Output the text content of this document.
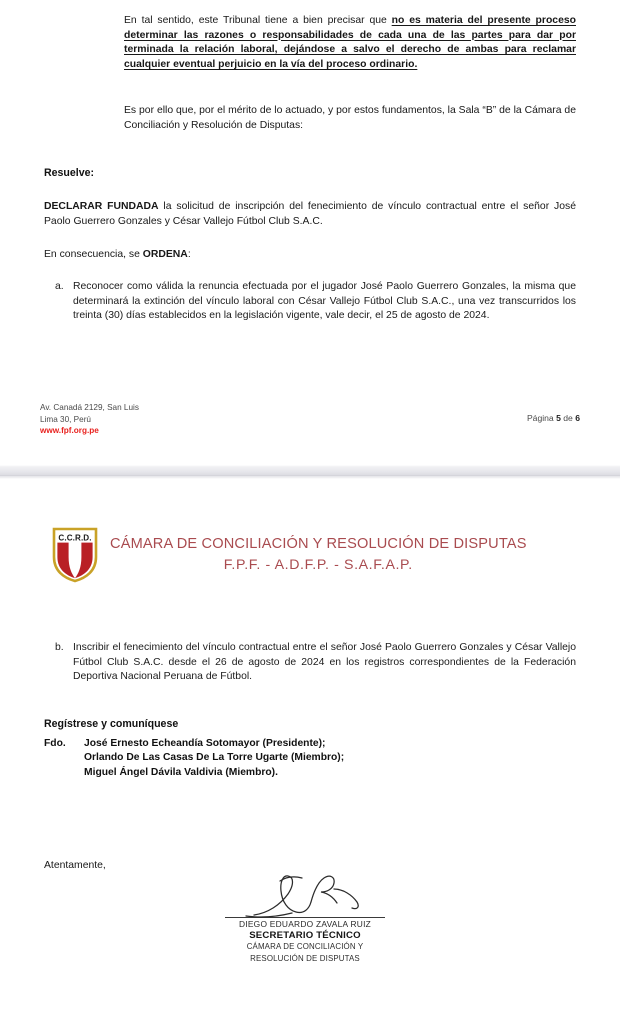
En tal sentido, este Tribunal tiene a bien precisar que no es materia del presente proceso determinar las razones o responsabilidades de cada una de las partes para dar por terminada la relación laboral, dejándose a salvo el derecho de ambas para reclamar cualquier eventual perjuicio en la vía del proceso ordinario.

Es por ello que, por el mérito de lo actuado, y por estos fundamentos, la Sala “B” de la Cámara de Conciliación y Resolución de Disputas:

Resuelve:

DECLARAR FUNDADA la solicitud de inscripción del fenecimiento de vínculo contractual entre el señor José Paolo Guerrero Gonzales y César Vallejo Fútbol Club S.A.C.

En consecuencia, se ORDENA:

a. Reconocer como válida la renuncia efectuada por el jugador José Paolo Guerrero Gonzales, la misma que determinará la extinción del vínculo laboral con César Vallejo Fútbol Club S.A.C., una vez transcurridos los treinta (30) días establecidos en la legislación vigente, vale decir, el 25 de agosto de 2024.
Av. Canadá 2129, San Luis
Lima 30, Perú
www.fpf.org.pe
Página 5 de 6
C.C.R.D. CÁMARA DE CONCILIACIÓN Y RESOLUCIÓN DE DISPUTAS
F.P.F. - A.D.F.P. - S.A.F.A.P.
b. Inscribir el fenecimiento del vínculo contractual entre el señor José Paolo Guerrero Gonzales y César Vallejo Fútbol Club S.A.C. desde el 26 de agosto de 2024 en los registros correspondientes de la Federación Deportiva Nacional Peruana de Fútbol.
Regístrese y comuníquese
Fdo. José Ernesto Echeandía Sotomayor (Presidente);
Orlando De Las Casas De La Torre Ugarte (Miembro);
Miguel Ángel Dávila Valdivia (Miembro).

Atentamente,

DIEGO EDUARDO ZAVALA RUIZ
SECRETARIO TÉCNICO
CÁMARA DE CONCILIACIÓN Y
RESOLUCIÓN DE DISPUTAS
